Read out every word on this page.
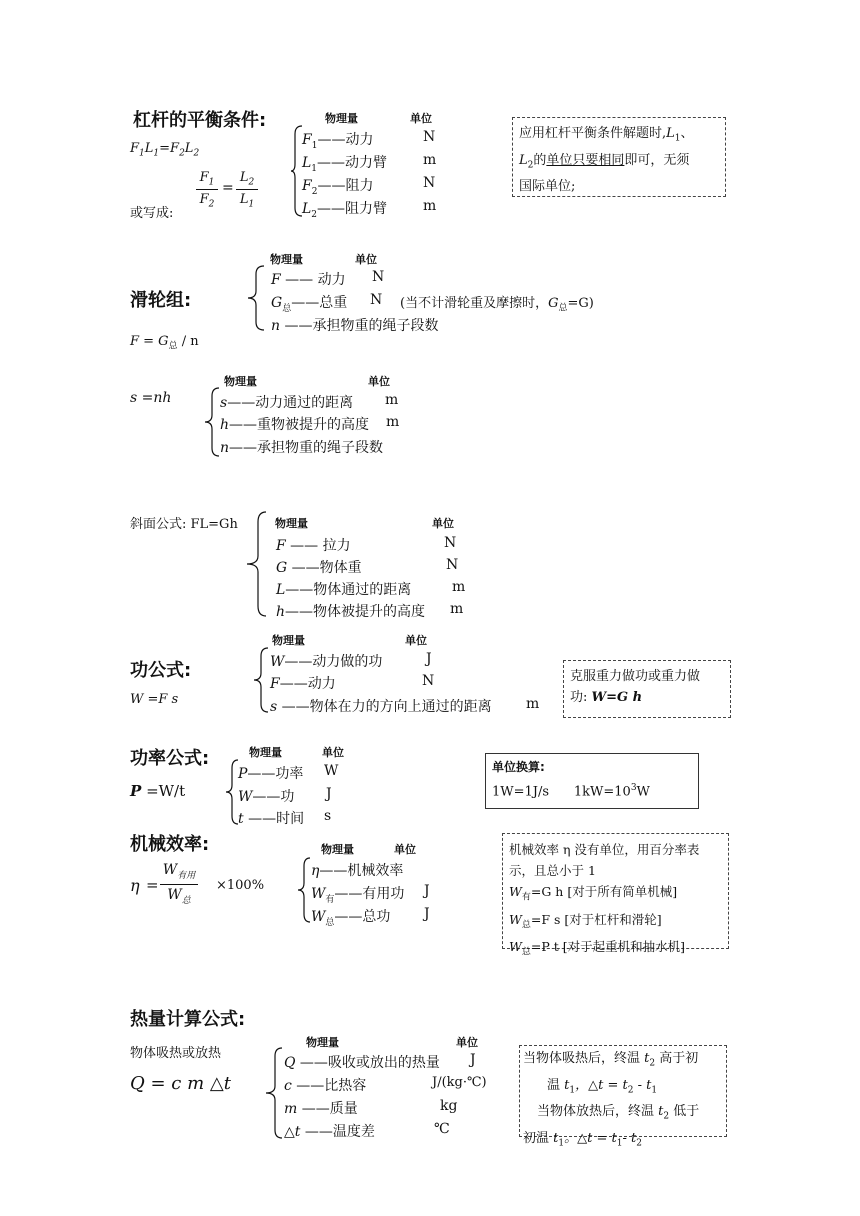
杠杆的平衡条件:	物理量	单位
$F_1L_1=F_2L_2$
或写成:
$F_1$
$F_2$
=
$L_2$
$L_1$
$F_1——$动力	N
$L_1——$动力臂	m
$F_2——$阻力	N
$L_2——$阻力臂	m
应用杠杆平衡条件解题时$,L_1$、
$L_2$的单位只要相同即可，无须
国际单位;
物理量	单位
滑轮组:
F —— 动力 N
$G_总——$总重 N (当不计滑轮重及摩擦时，$G_总=G$)
n ——承担物重的绳子段数
$F = G_总 / n$
物理量	单位
s =nh	s——动力通过的距离 m
h——重物被提升的高度 m
n——承担物重的绳子段数
斜面公式: FL=Gh	物理量	单位
F —— 拉力	N
G ——物体重	N
L——物体通过的距离	m
h——物体被提升的高度 m
物理量	单位
功公式:
W =F s
W——动力做的功	J
F——动力	N
s ——物体在力的方向上通过的距离 m
克服重力做功或重力做
功: W=G h
物理量	单位
功率公式:
P =W/t
P——功率 W
W——功 J
t ——时间 s
单位换算:
1W=1J/s $1kW=10^3W$
机械效率:	物理量	单位
η =
$W_{有用}$
$W_总$
×100%
η——机械效率
$W_有——$有用功 J
$W_总——$总功 J
机械效率 η 没有单位，用百分率表
示，且总小于 1
$W_有=G$ h [对于所有简单机械]
$W_总=F$ s [对于杠杆和滑轮]
$W_总=P$ t [对于起重机和抽水机]
热量计算公式:
物理量	单位
物体吸热或放热
Q = c m △t
Q ——吸收或放出的热量 J
c ——比热容	J/(kg·℃)
m ——质量	kg
△t ——温度差	℃
当物体吸热后，终温 $t_2$ 高于初
温 $t_1$，△t = $t_2 - t_1$
当物体放热后，终温 $t_2$ 低于
初温 $t_1$。△t = $t_1-$ $t_2$
